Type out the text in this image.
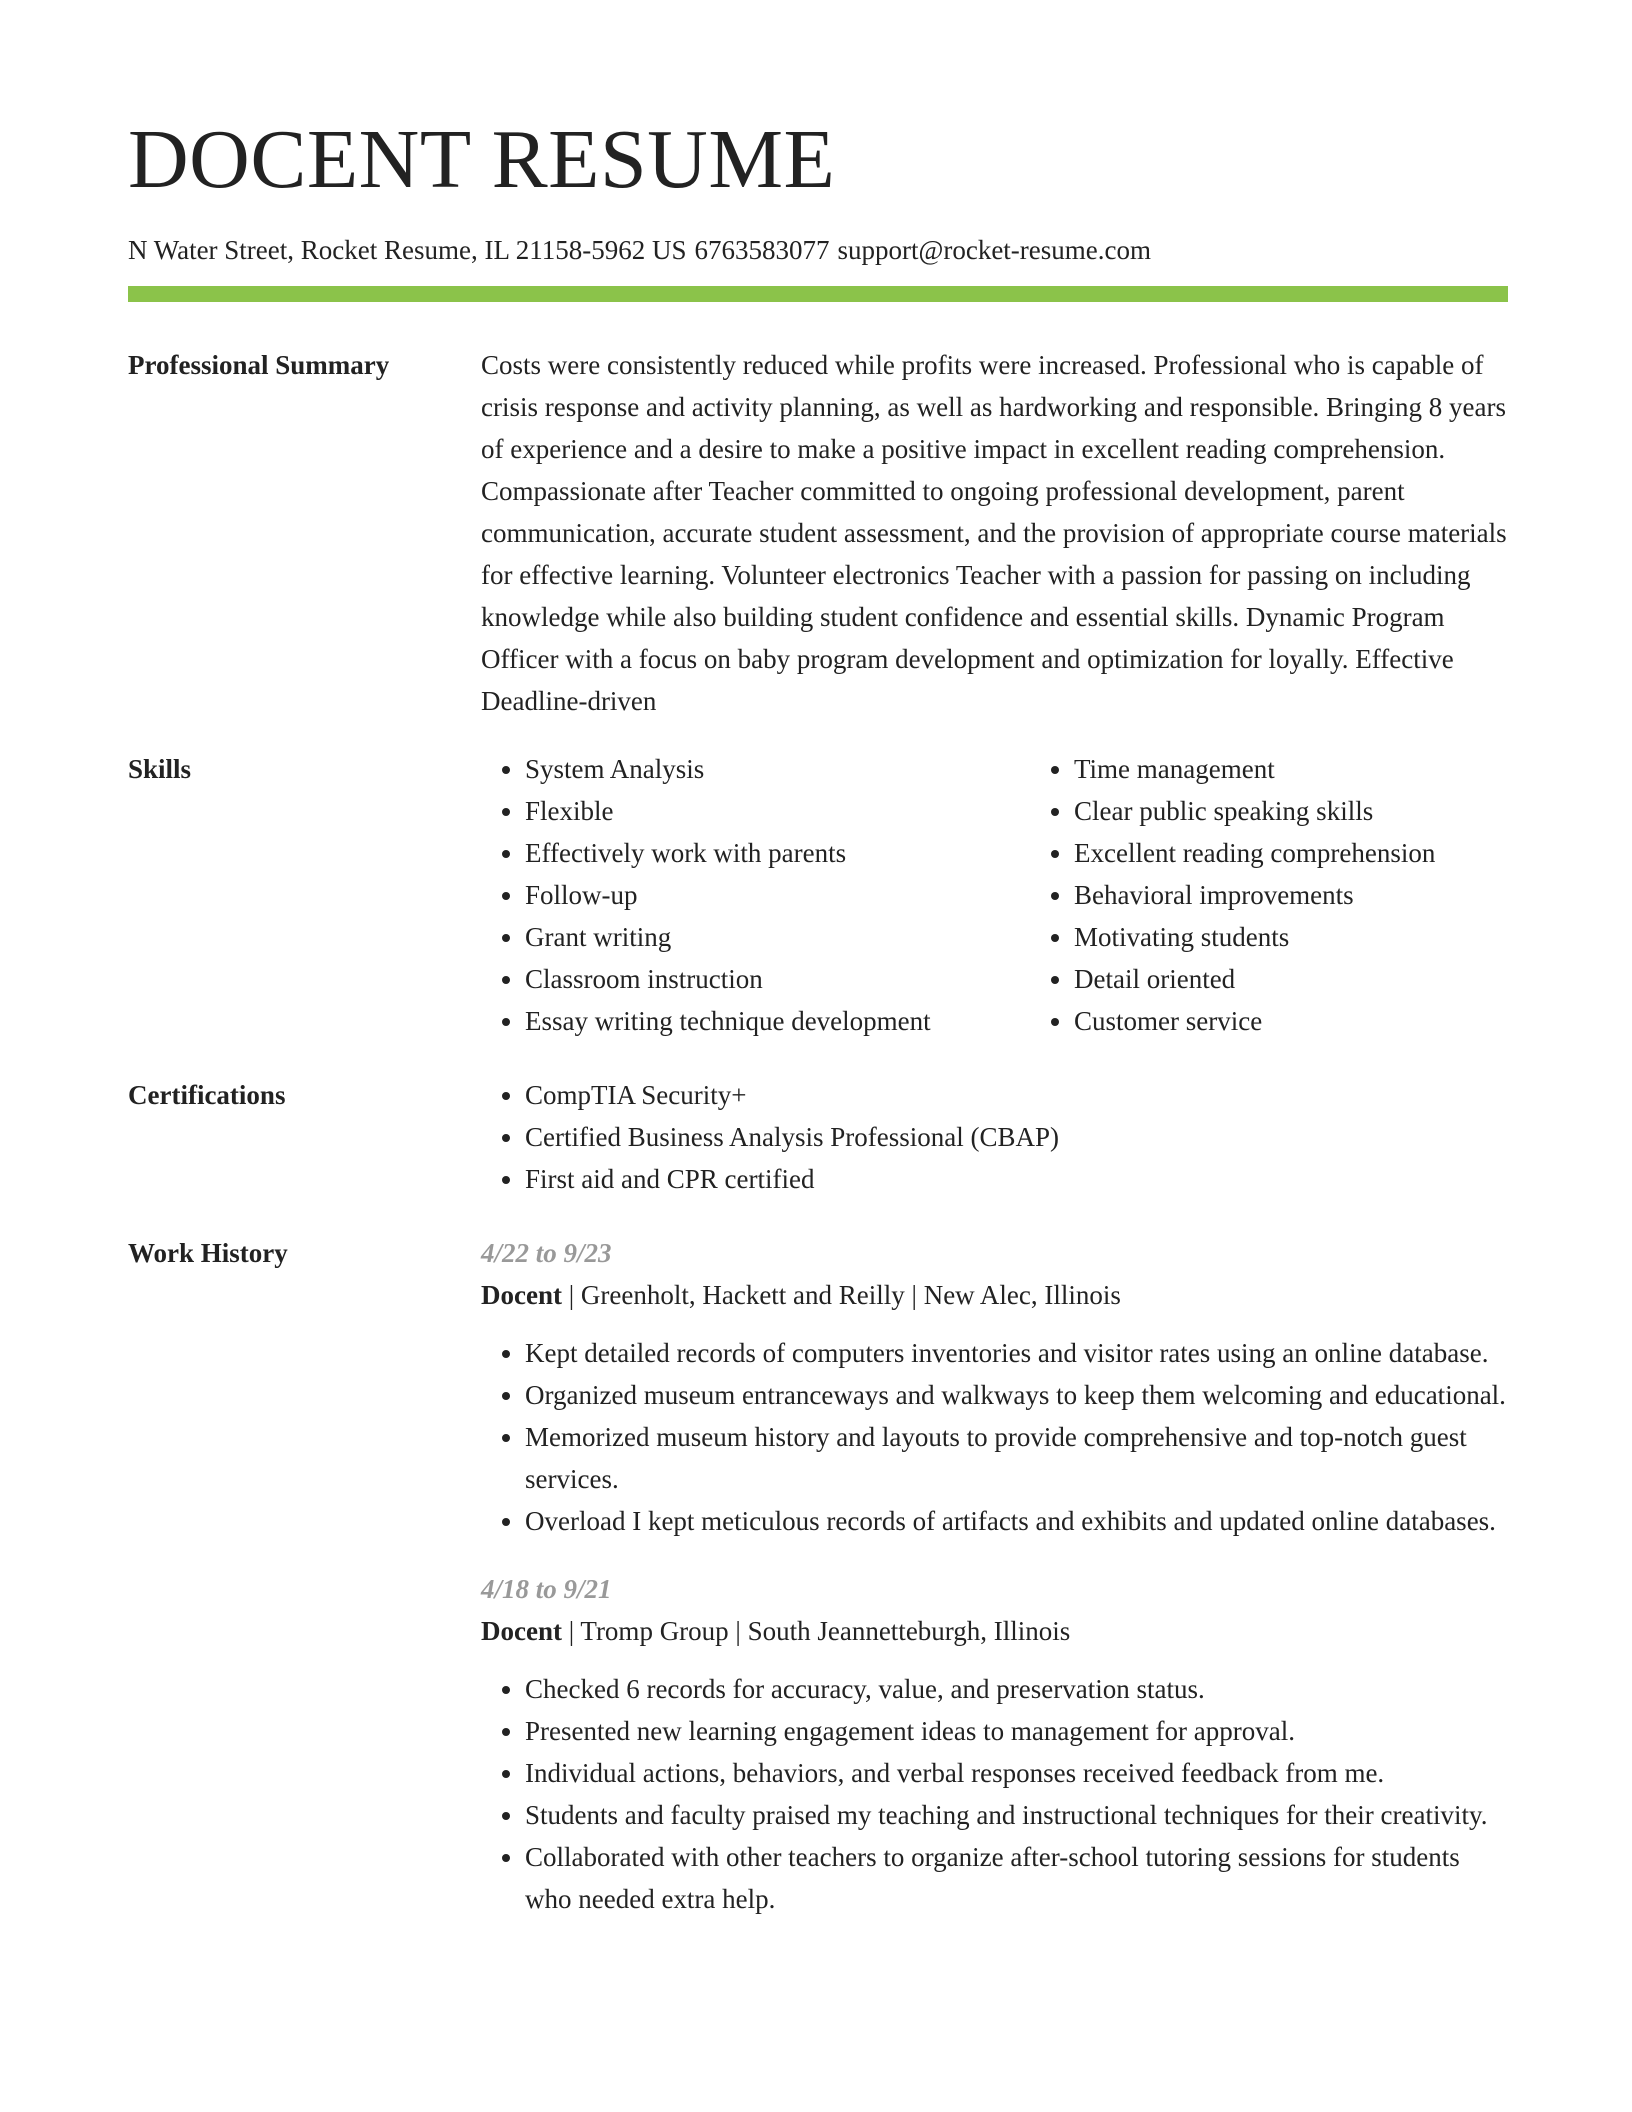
DOCENT RESUME
N Water Street, Rocket Resume, IL 21158-5962 US 6763583077 support@rocket-resume.com
Professional Summary	Costs were consistently reduced while profits were increased. Professional who is capable of crisis response and activity planning, as well as hardworking and responsible. Bringing 8 years of experience and a desire to make a positive impact in excellent reading comprehension. Compassionate after Teacher committed to ongoing professional development, parent communication, accurate student assessment, and the provision of appropriate course materials for effective learning. Volunteer electronics Teacher with a passion for passing on including knowledge while also building student confidence and essential skills. Dynamic Program Officer with a focus on baby program development and optimization for loyally. Effective Deadline-driven

Skills	• System Analysis
• Flexible
• Effectively work with parents
• Follow-up
• Grant writing
• Classroom instruction
• Essay writing technique development
• Time management
• Clear public speaking skills
• Excellent reading comprehension
• Behavioral improvements
• Motivating students
• Detail oriented
• Customer service
Certifications	• CompTIA Security+
• Certified Business Analysis Professional (CBAP)
• First aid and CPR certified
Work History	4/22 to 9/23
Docent | Greenholt, Hackett and Reilly | New Alec, Illinois
• Kept detailed records of computers inventories and visitor rates using an online database.
• Organized museum entranceways and walkways to keep them welcoming and educational.
• Memorized museum history and layouts to provide comprehensive and top-notch guest services.
• Overload I kept meticulous records of artifacts and exhibits and updated online databases.
4/18 to 9/21
Docent | Tromp Group | South Jeannetteburgh, Illinois
• Checked 6 records for accuracy, value, and preservation status.
• Presented new learning engagement ideas to management for approval.
• Individual actions, behaviors, and verbal responses received feedback from me.
• Students and faculty praised my teaching and instructional techniques for their creativity.
• Collaborated with other teachers to organize after-school tutoring sessions for students who needed extra help.
